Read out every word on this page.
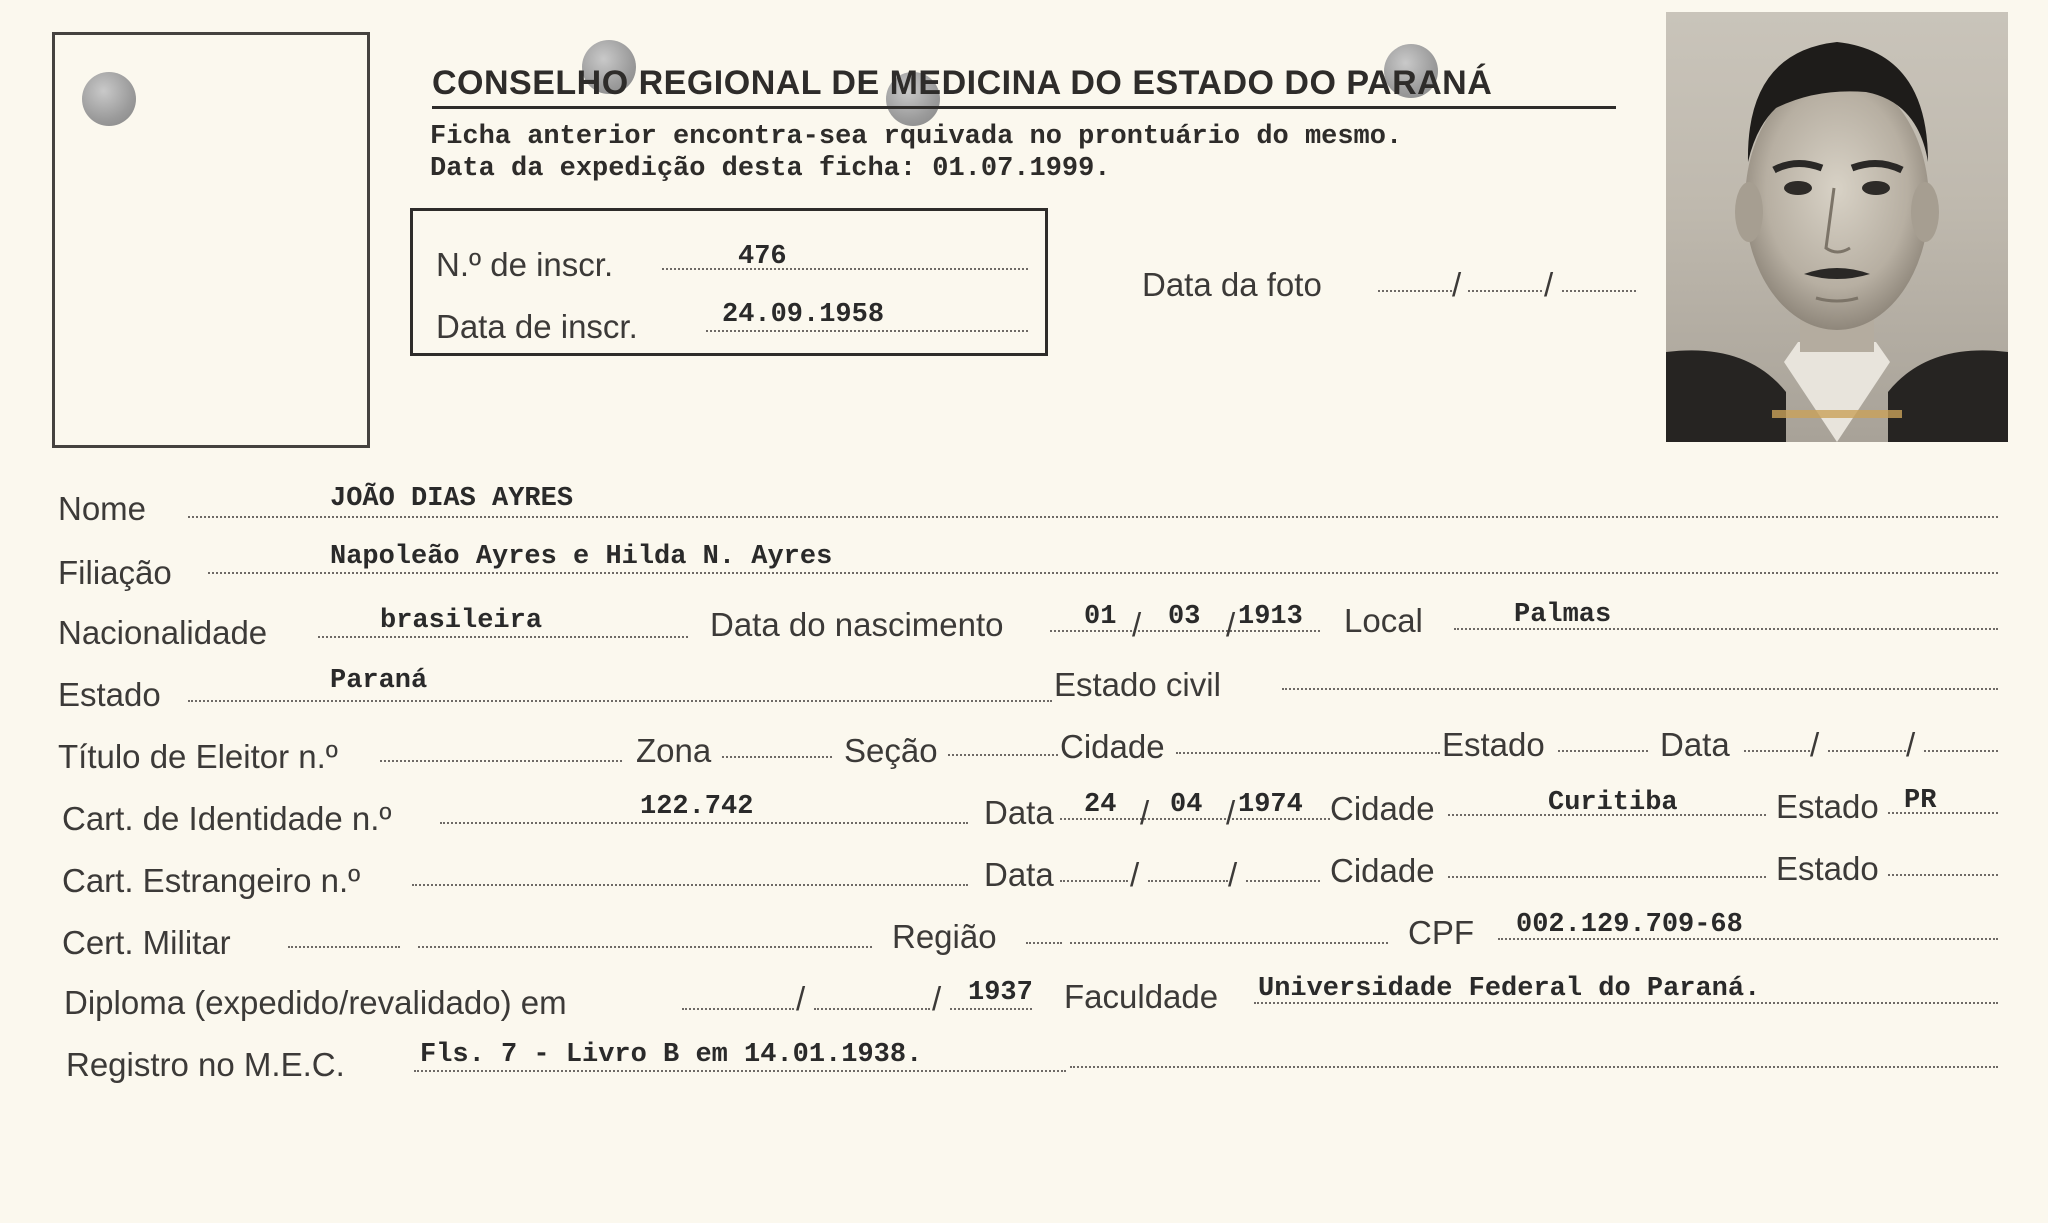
CONSELHO REGIONAL DE MEDICINA DO ESTADO DO PARANÁ
Ficha anterior encontra-sea rquivada no prontuário do mesmo.
Data da expedição desta ficha: 01.07.1999.
N.º de inscr.	476
Data de inscr.	24.09.1958
Data da foto	/	/
Nome	JOÃO DIAS AYRES
Filiação	Napoleão Ayres e Hilda N. Ayres
Nacionalidade	brasileira	Data do nascimento	01 / 03 / 1913 Local	Palmas
Estado	Paraná	Estado civil
Título de Eleitor n.º	Zona	Seção	Cidade	Estado	Data /	/
Cart. de Identidade n.º	122.742	Data 24 / 04 / 1974 Cidade	Curitiba	Estado PR
Cart. Estrangeiro n.º	Data /	/	Cidade	Estado
Cert. Militar	Região	CPF 002.129.709-68
Diploma (expedido/revalidado) em	/	/ 1937 Faculdade Universidade Federal do Paraná.
Registro no M.E.C.	Fls. 7 - Livro B em 14.01.1938.
